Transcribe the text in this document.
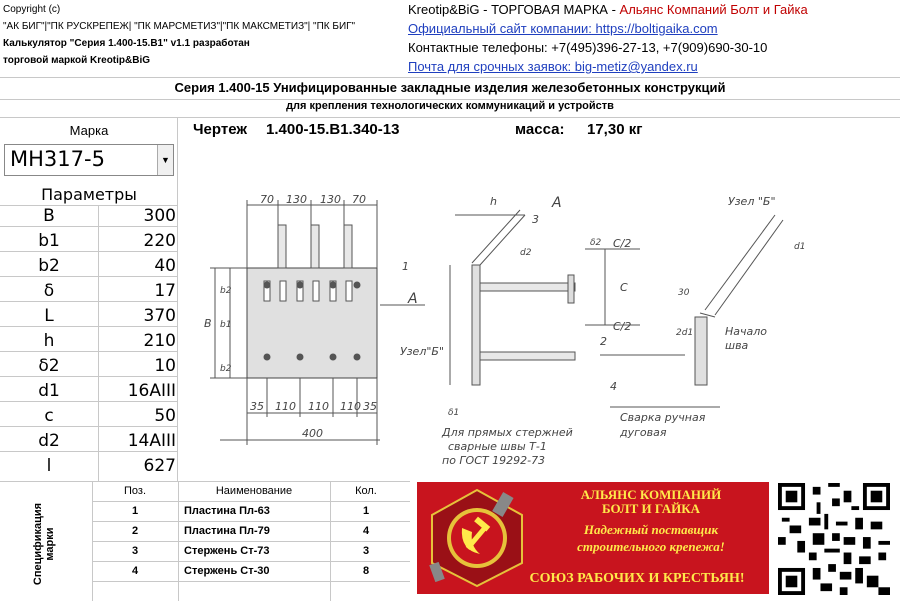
Copyright (c)
"АК БИГ"|"ПК РУСКРЕПЕЖ| "ПК МАРСМЕТИЗ"|"ПК МАКСМЕТИЗ"| "ПК БИГ"
Калькулятор "Серия 1.400-15.В1" v1.1 разработан
торговой маркой Kreotip&BiG
Kreotip&BiG - ТОРГОВАЯ МАРКА - Альянс Компаний Болт и Гайка
Официальный сайт компании: https://boltigaika.com
Контактные телефоны: +7(495)396-27-13, +7(909)690-30-10
Почта для срочных заявок: big-metiz@yandex.ru
Серия 1.400-15 Унифицированные закладные изделия железобетонных конструкций
для крепления технологических коммуникаций и устройств
Чертеж 1.400-15.В1.340-13	масса: 17,30 кг
Марка
МН317-5	▼
Параметры
B	300
b1	220
b2	40
δ	17
L	370
h	210
δ2	10
d1	16AIII
c	50
d2	14AIII
l	627
70 130 130 70
35 110 110 110 35
400
B
b2
b1
b2
A
1
h	A
3
d2
δ2 C/2
C
C/2
2
Узел"Б"
4
δ1
Для прямых стержней
сварные швы Т-1
по ГОСТ 19292-73
Узел "Б"
d1
30
2d1	Начало
шва
Сварка ручная
дуговая
Спецификация марки
Поз.	Наименование	Кол.
1	Пластина Пл-63	1
2	Пластина Пл-79	4
3	Стержень Ст-73	3
4	Стержень Ст-30	8
АЛЬЯНС КОМПАНИЙ
БОЛТ И ГАЙКА
Надежный поставщик
строительного крепежа!
СОЮЗ РАБОЧИХ И КРЕСТЬЯН!
